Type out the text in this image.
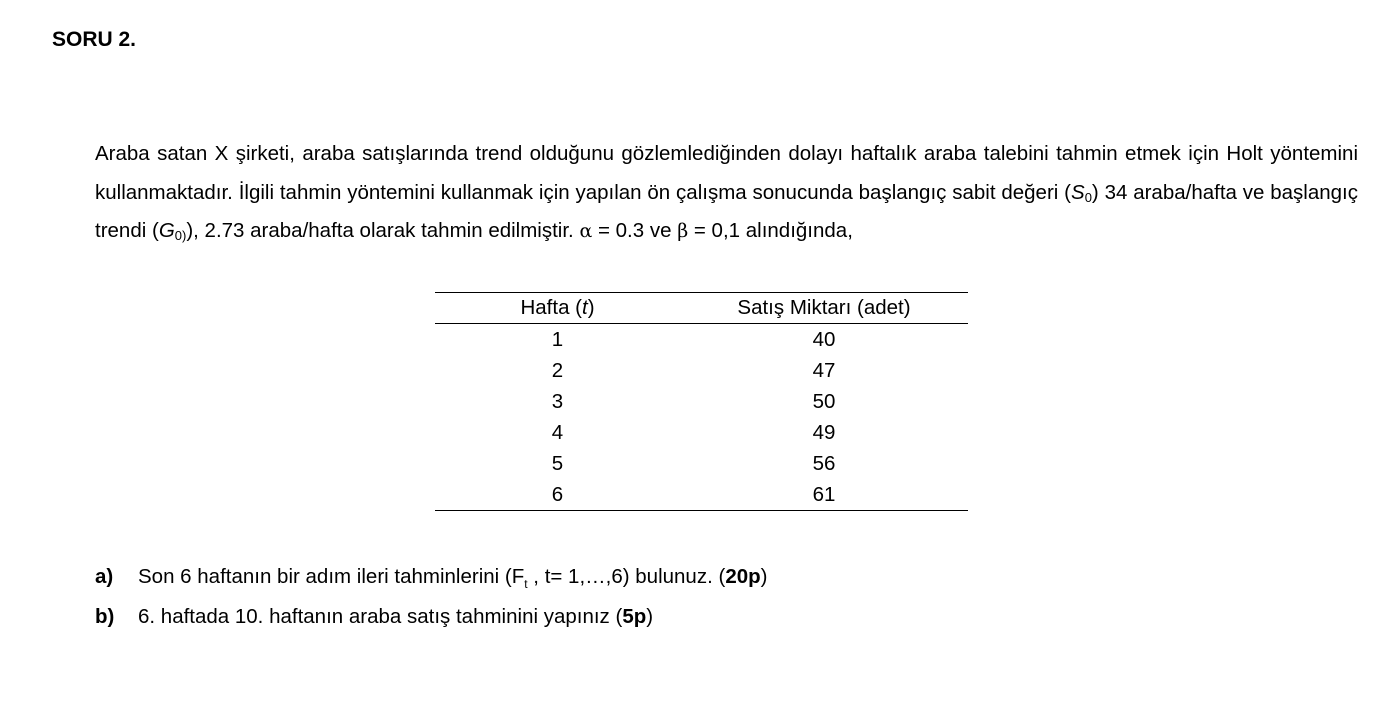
SORU 2.
Araba satan X şirketi, araba satışlarında trend olduğunu gözlemlediğinden dolayı haftalık araba talebini tahmin etmek için Holt yöntemini kullanmaktadır. İlgili tahmin yöntemini kullanmak için yapılan ön çalışma sonucunda başlangıç sabit değeri $(S_0)$ 34 araba/hafta ve başlangıç trendi $(G_{0)})$, 2.73 araba/hafta olarak tahmin edilmiştir. α = 0.3 ve β = 0,1 alındığında,
Hafta (t)	Satış Miktarı (adet)
1	40
2	47
3	50
4	49
5	56
6	61
a) Son 6 haftanın bir adım ileri tahminlerini ($F_t$ , t= 1,…,6) bulunuz. (20p)
b) 6. haftada 10. haftanın araba satış tahminini yapınız (5p)
